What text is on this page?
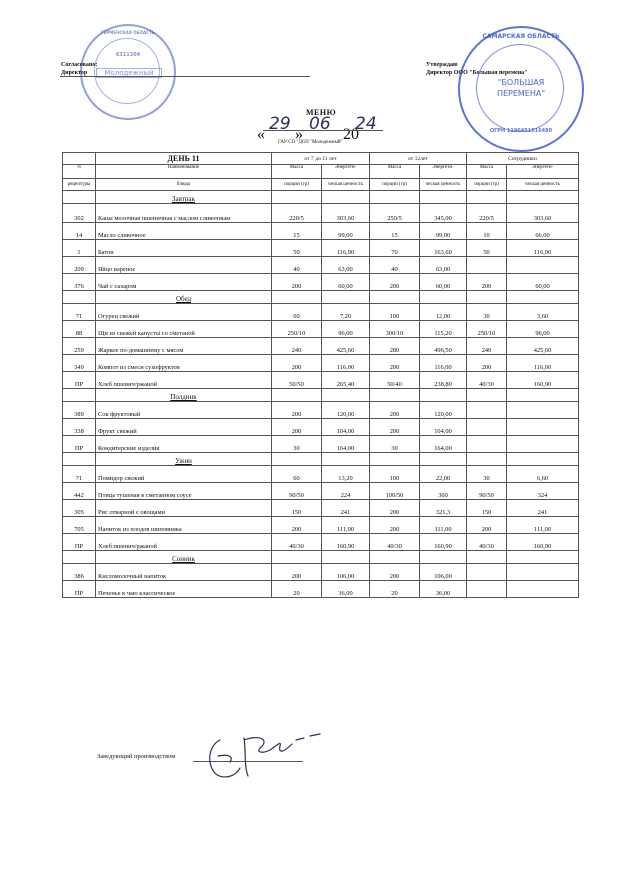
ГЕРМЕНСКАЯ ОБЛАСТЬ
6311304
Молодежный
САМАРСКАЯ ОБЛАСТЬ
"БОЛЬШАЯ
ПЕРЕМЕНА"
ОГРН 1196451016480
Согласовано:
Директор
Утверждаю
Директор ООО "Большая перемена"
МЕНЮ
«
29
»
06
20
24
ГАУ СО "ДОЛ "Молодежный"
	ДЕНЬ 11	от 7 до 11 лет		от 12лет		Сотрудники	
N	Наименование	Масса	Энергети-	Масса	Энергети-	Масса	Энергети-
рецептуры	блюда	порции (гр)	ческая ценность	порции (гр)	ческая ценность	порции (гр)	ческая ценность
	Завтрак						
302	Каша молочная пшеничная с маслом сливочным	220/5	303,60	250/5	345,00	220/5	303,60
14	Масло сливочное	15	99,00	15	99,00	10	66,00
1	Батон	50	116,90	70	163,60	50	116,90
209	Яйцо вареное	40	63,00	40	63,00		
376	Чай с сахаром	200	60,00	200	60,00	200	60,00
	Обед						
71	Огурец свежий	60	7,20	100	12,00	30	3,60
88	Щи из свежей капусты со сметаной	250/10	96,00	300/10	115,20	250/10	96,00
259	Жаркое по-домашнему с мясом	240	425,60	280	496,50	240	425,60
349	Компот из смеси сухофруктов	200	116,00	200	116,00	200	116,00
ПР	Хлеб пшенич/ржаной	50/50	265,40	50/40	238,80	40/30	160,90
	Полдник						
389	Сок фруктовый	200	120,00	200	120,00		
338	Фрукт свежий	200	104,00	200	104,00		
ПР	Кондитерские изделия	30	164,00	30	164,00		
	Ужин						
71	Помидор свежий	60	13,20	100	22,00	30	6,60
442	Птица тушеная в сметанном соусе	90/50	224	100/50	360	90/50	324
305	Рис отварной с овощами	150	241	200	321,3	150	241
705	Напиток из плодов шиповника	200	111,00	200	111,00	200	111,00
ПР	Хлеб пшенич/ржаной	40/30	160,90	40/30	160,90	40/30	160,90
	Сонник						
386	Кисломолочный напиток	200	106,00	200	106,00		
ПР	Печенье к чаю классическое	20	36,00	20	36,00		
Заведующий производством
